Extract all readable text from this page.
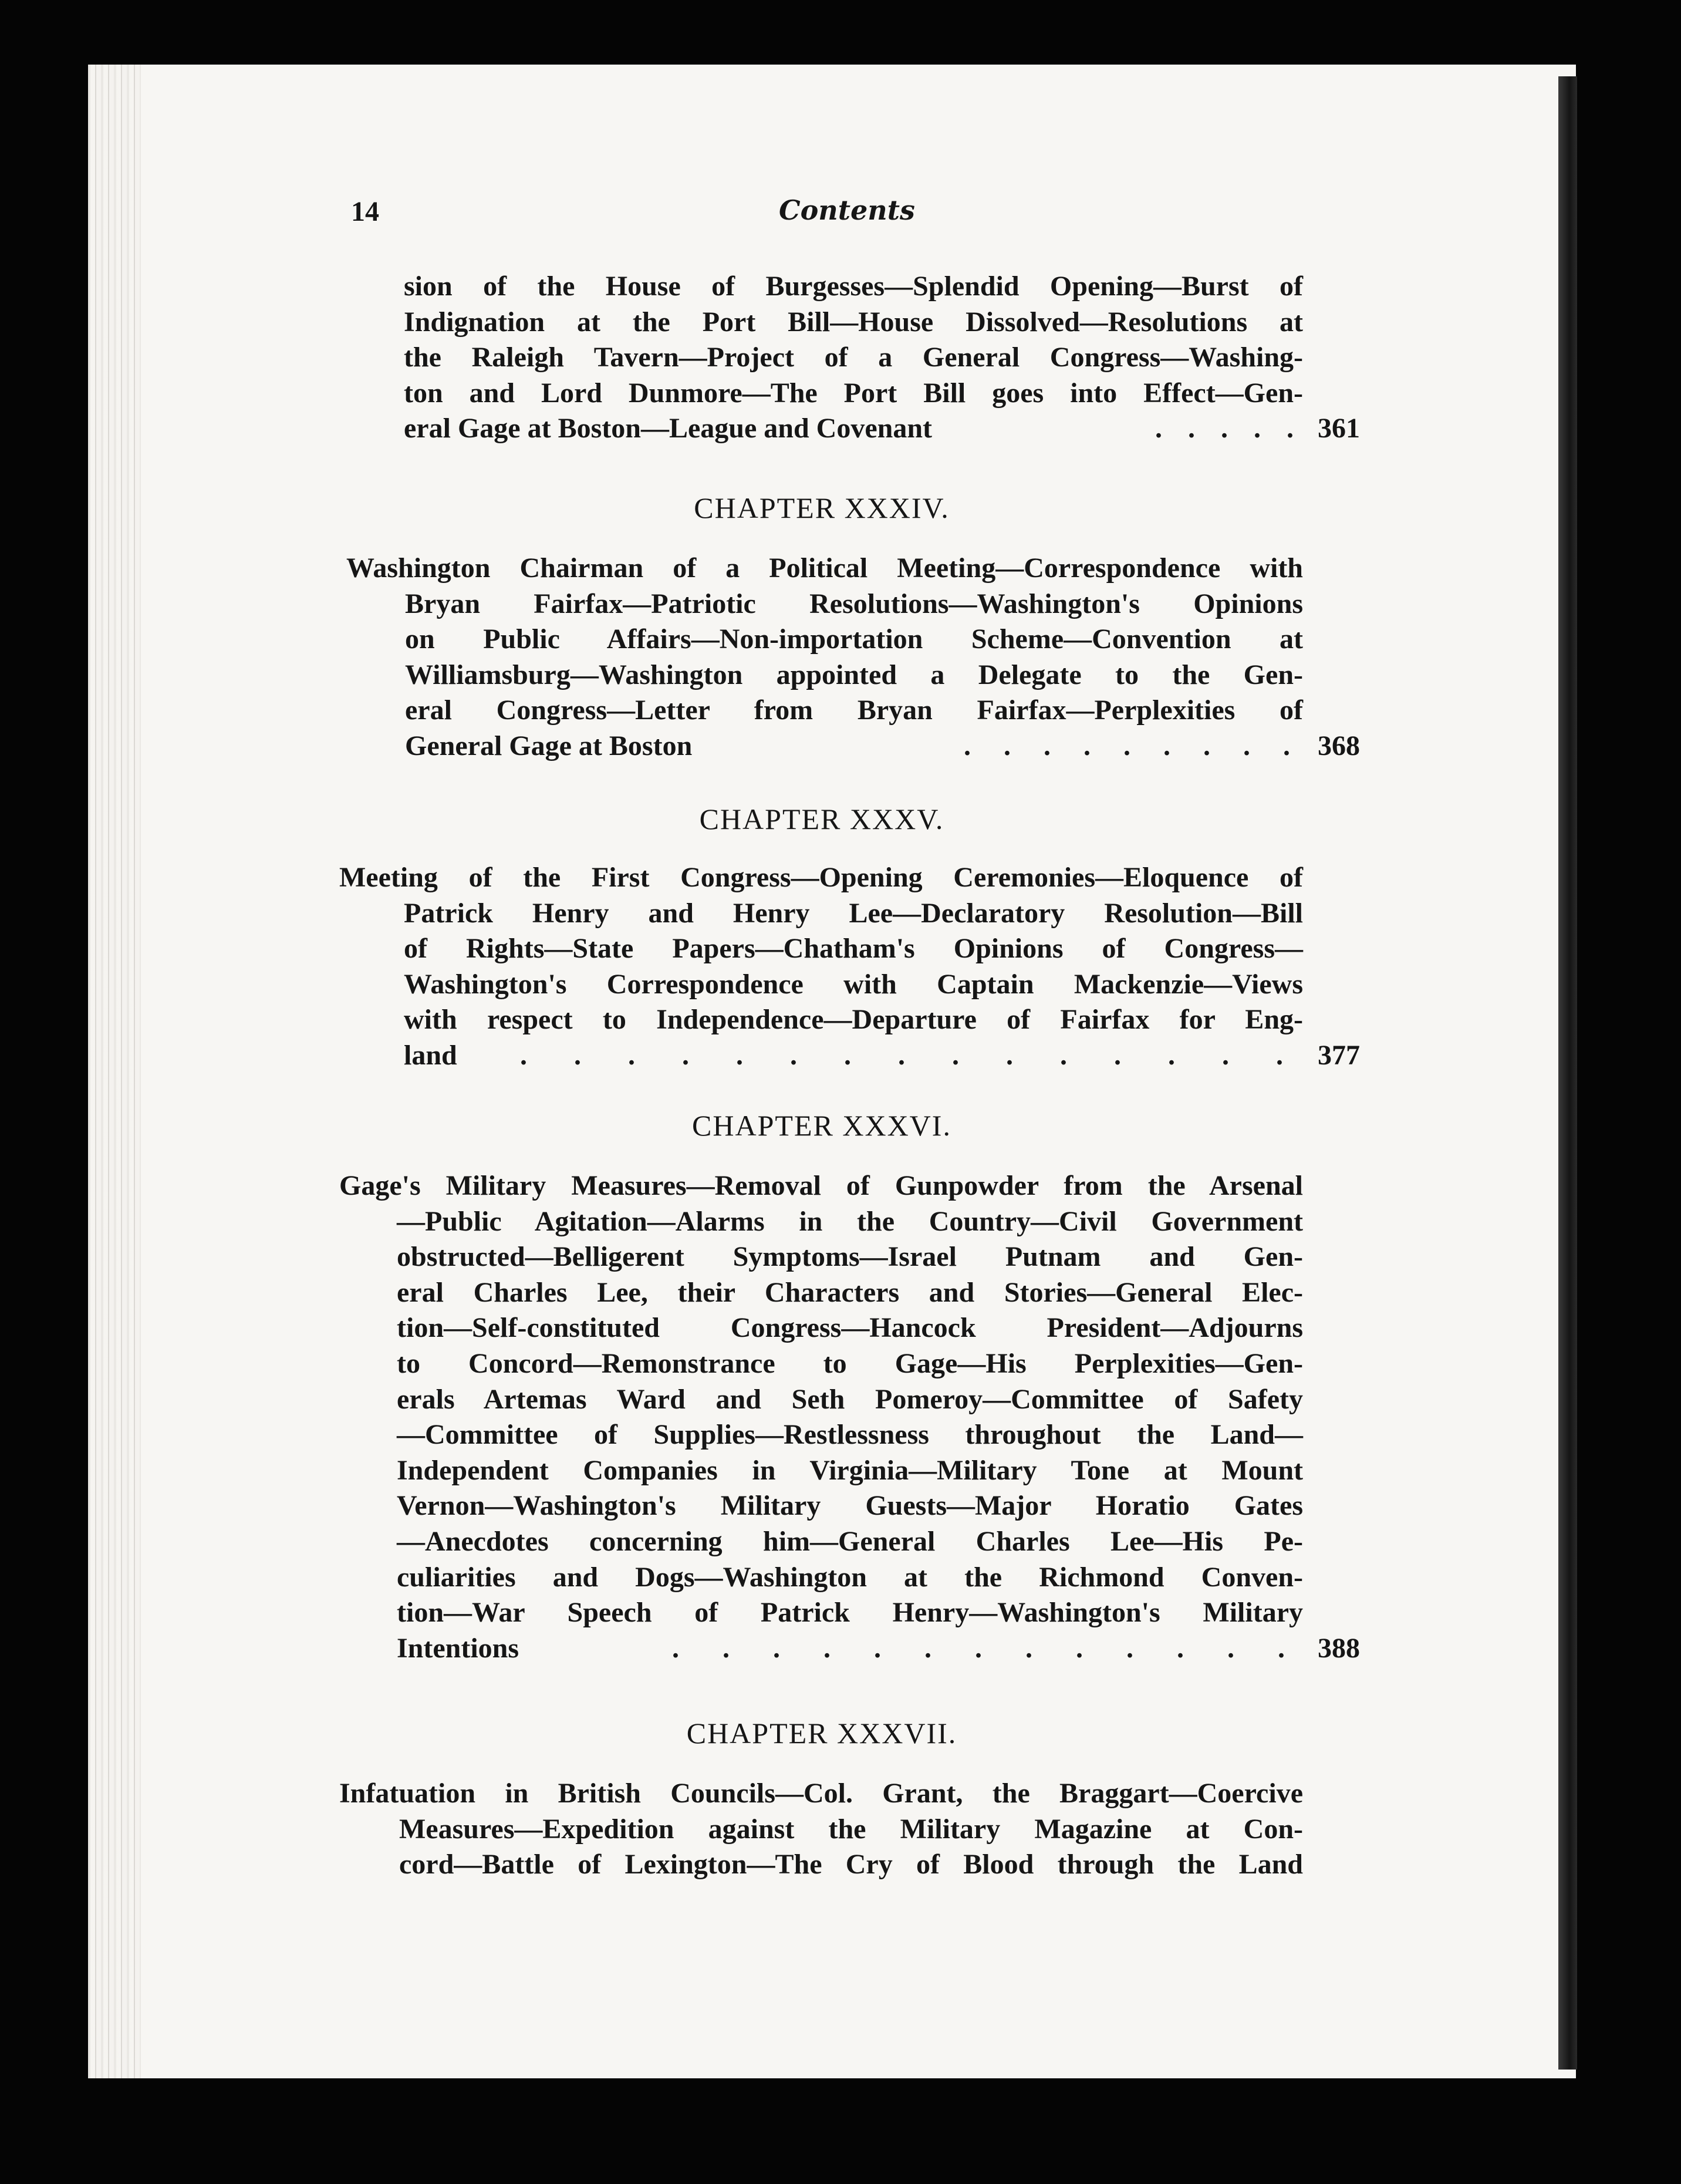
14	Contents
sion of the House of Burgesses—Splendid Opening—Burst of
Indignation at the Port Bill—House Dissolved—Resolutions at
the Raleigh Tavern—Project of a General Congress—Washing-
ton and Lord Dunmore—The Port Bill goes into Effect—Gen-
eral Gage at Boston—League and Covenant	. . . . . 361
CHAPTER XXXIV.
Washington Chairman of a Political Meeting—Correspondence with
Bryan Fairfax—Patriotic Resolutions—Washington's Opinions
on Public Affairs—Non-importation Scheme—Convention at
Williamsburg—Washington appointed a Delegate to the Gen-
eral Congress—Letter from Bryan Fairfax—Perplexities of
General Gage at Boston	. . . . . . . . . 368
CHAPTER XXXV.
Meeting of the First Congress—Opening Ceremonies—Eloquence of
Patrick Henry and Henry Lee—Declaratory Resolution—Bill
of Rights—State Papers—Chatham's Opinions of Congress—
Washington's Correspondence with Captain Mackenzie—Views
with respect to Independence—Departure of Fairfax for Eng-
land . . . . . . . . . . . . . . . 377
CHAPTER XXXVI.
Gage's Military Measures—Removal of Gunpowder from the Arsenal
—Public Agitation—Alarms in the Country—Civil Government
obstructed—Belligerent Symptoms—Israel Putnam and Gen-
eral Charles Lee, their Characters and Stories—General Elec-
tion—Self-constituted Congress—Hancock President—Adjourns
to Concord—Remonstrance to Gage—His Perplexities—Gen-
erals Artemas Ward and Seth Pomeroy—Committee of Safety
—Committee of Supplies—Restlessness throughout the Land—
Independent Companies in Virginia—Military Tone at Mount
Vernon—Washington's Military Guests—Major Horatio Gates
—Anecdotes concerning him—General Charles Lee—His Pe-
culiarities and Dogs—Washington at the Richmond Conven-
tion—War Speech of Patrick Henry—Washington's Military
Intentions	. . . . . . . . . . . . . 388
CHAPTER XXXVII.
Infatuation in British Councils—Col. Grant, the Braggart—Coercive
Measures—Expedition against the Military Magazine at Con-
cord—Battle of Lexington—The Cry of Blood through the Land
